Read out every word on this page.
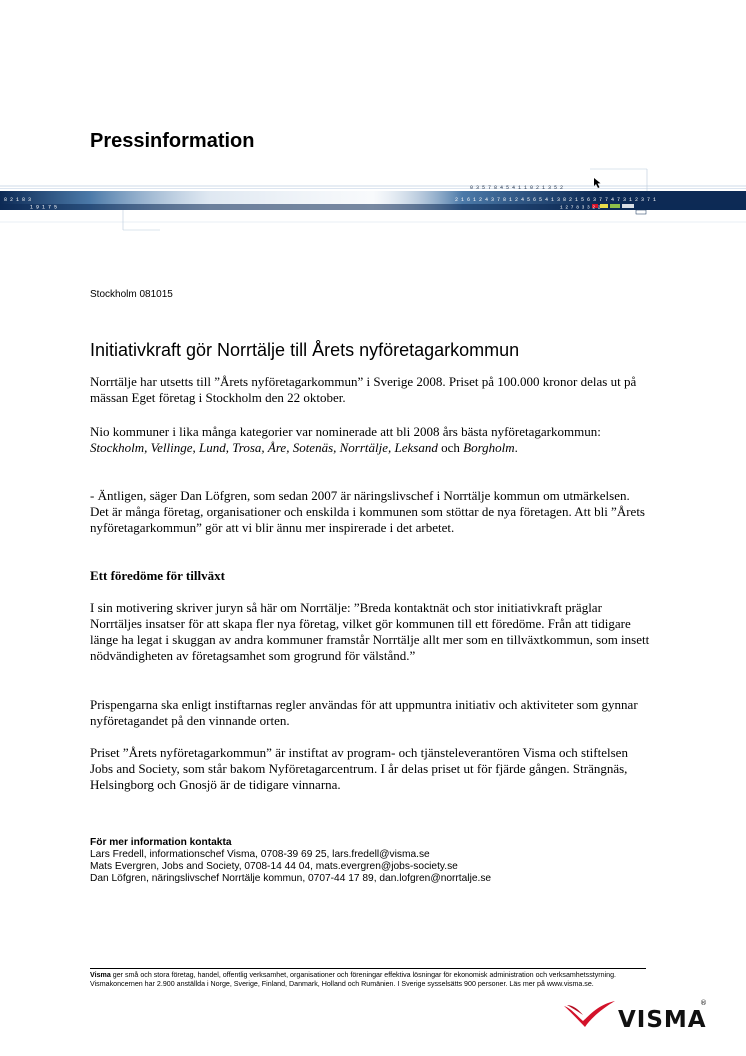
Pressinformation
8 2 1 8 3
1 9 1 7 5
0 3 5 7 8 4 5 4 1 1 0 2 1 3 5 2
2 1 6 1 2 4 3 7 8 1 2 4 5 6 5 4 1 3 8 2 1 5 6 3 7 7 4 7 3 1 2 3 7 1
1 2 7 8 3 3 2 2
Stockholm 081015
Initiativkraft gör Norrtälje till Årets nyföretagarkommun

Norrtälje har utsetts till ”Årets nyföretagarkommun” i Sverige 2008. Priset på 100.000 kronor delas ut på mässan Eget företag i Stockholm den 22 oktober.

Nio kommuner i lika många kategorier var nominerade att bli 2008 års bästa nyföretagarkommun: Stockholm, Vellinge, Lund, Trosa, Åre, Sotenäs, Norrtälje, Leksand och Borgholm.

- Äntligen, säger Dan Löfgren, som sedan 2007 är näringslivschef i Norrtälje kommun om utmärkelsen. Det är många företag, organisationer och enskilda i kommunen som stöttar de nya företagen. Att bli ”Årets nyföretagarkommun” gör att vi blir ännu mer inspirerade i det arbetet.

Ett föredöme för tillväxt

I sin motivering skriver juryn så här om Norrtälje: ”Breda kontaktnät och stor initiativkraft präglar Norrtäljes insatser för att skapa fler nya företag, vilket gör kommunen till ett föredöme. Från att tidigare länge ha legat i skuggan av andra kommuner framstår Norrtälje allt mer som en tillväxtkommun, som insett nödvändigheten av företagsamhet som grogrund för välstånd.”

Prispengarna ska enligt instiftarnas regler användas för att uppmuntra initiativ och aktiviteter som gynnar nyföretagandet på den vinnande orten.

Priset ”Årets nyföretagarkommun” är instiftat av program- och tjänsteleverantören Visma och stiftelsen Jobs and Society, som står bakom Nyföretagarcentrum. I år delas priset ut för fjärde gången. Strängnäs, Helsingborg och Gnosjö är de tidigare vinnarna.

För mer information kontakta
Lars Fredell, informationschef Visma, 0708-39 69 25, lars.fredell@visma.se
Mats Evergren, Jobs and Society, 0708-14 44 04, mats.evergren@jobs-society.se
Dan Löfgren, näringslivschef Norrtälje kommun, 0707-44 17 89, dan.lofgren@norrtalje.se
Visma ger små och stora företag, handel, offentlig verksamhet, organisationer och föreningar effektiva lösningar för ekonomisk administration och verksamhetsstyrning. Vismakoncernen har 2.900 anställda i Norge, Sverige, Finland, Danmark, Holland och Rumänien. I Sverige sysselsätts 900 personer. Läs mer på www.visma.se.
VISMA
®
